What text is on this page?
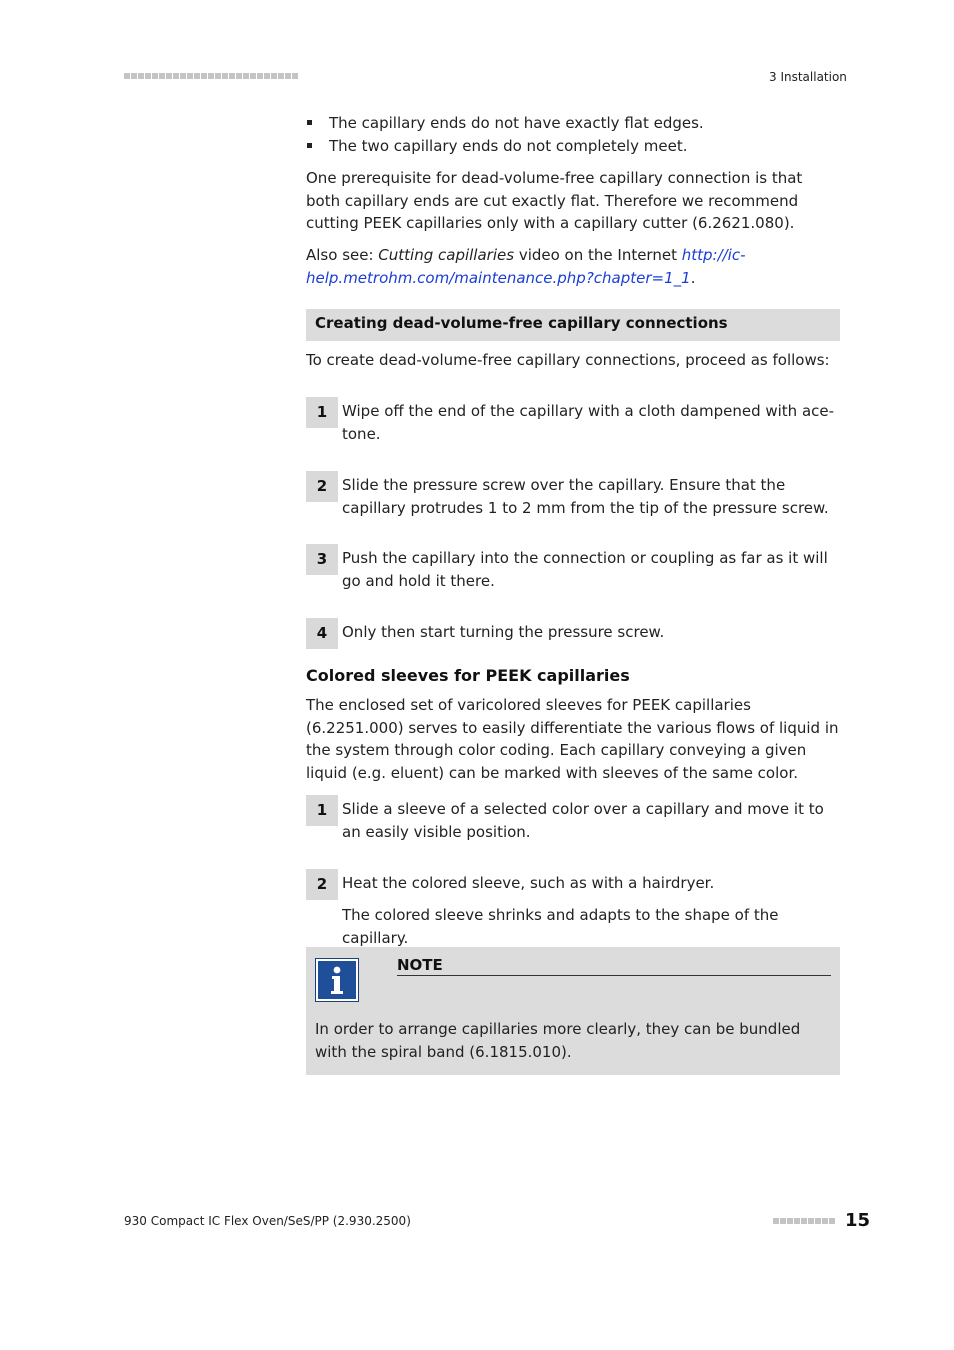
3 Installation
The capillary ends do not have exactly flat edges.
The two capillary ends do not completely meet.
One prerequisite for dead-volume-free capillary connection is that both capillary ends are cut exactly flat. Therefore we recommend cutting PEEK capillaries only with a capillary cutter (6.2621.080).
Also see: Cutting capillaries video on the Internet http://ic-help.metrohm.com/maintenance.php?chapter=1_1.
Creating dead-volume-free capillary connections
To create dead-volume-free capillary connections, proceed as follows:
1 Wipe off the end of the capillary with a cloth dampened with ace-tone.
2 Slide the pressure screw over the capillary. Ensure that the capillary protrudes 1 to 2 mm from the tip of the pressure screw.
3 Push the capillary into the connection or coupling as far as it will go and hold it there.
4 Only then start turning the pressure screw.
Colored sleeves for PEEK capillaries
The enclosed set of varicolored sleeves for PEEK capillaries (6.2251.000) serves to easily differentiate the various flows of liquid in the system through color coding. Each capillary conveying a given liquid (e.g. eluent) can be marked with sleeves of the same color.
1 Slide a sleeve of a selected color over a capillary and move it to an easily visible position.
2 Heat the colored sleeve, such as with a hairdryer.
The colored sleeve shrinks and adapts to the shape of the capillary.
NOTE
In order to arrange capillaries more clearly, they can be bundled with the spiral band (6.1815.010).
930 Compact IC Flex Oven/SeS/PP (2.930.2500)	15
